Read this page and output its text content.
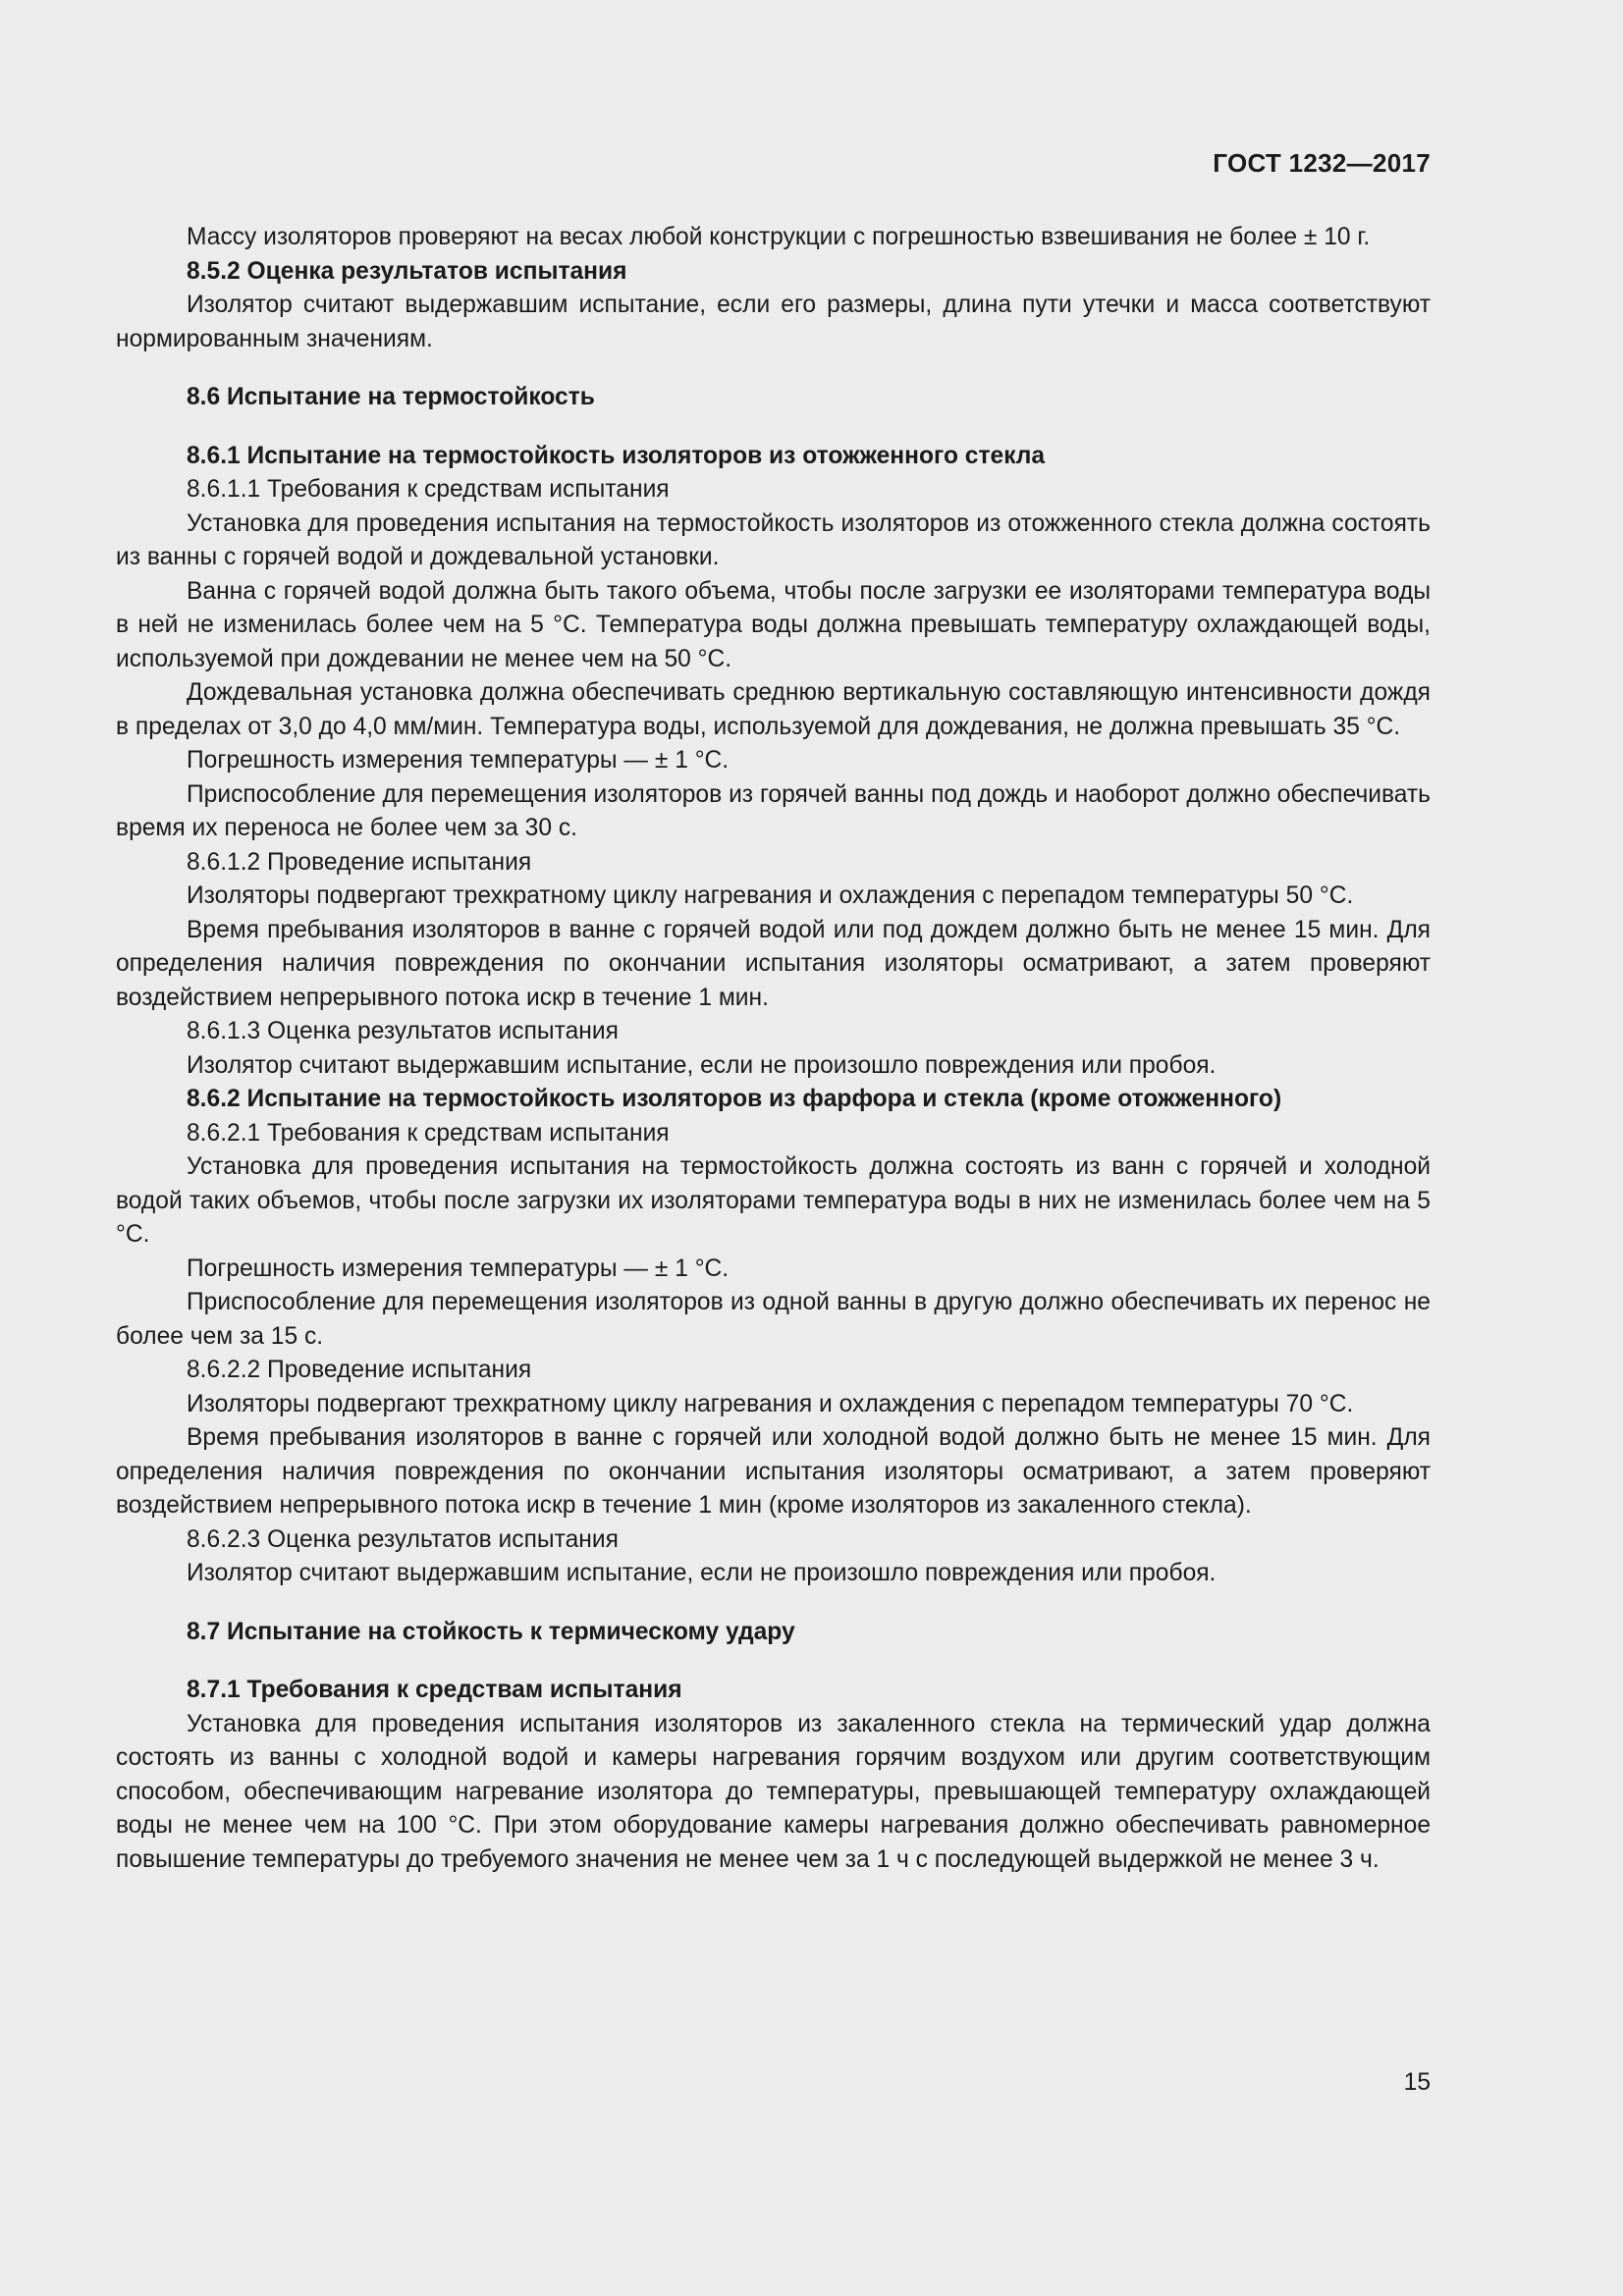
ГОСТ 1232—2017

Массу изоляторов проверяют на весах любой конструкции с погрешностью взвешивания не более ± 10 г.

8.5.2 Оценка результатов испытания

Изолятор считают выдержавшим испытание, если его размеры, длина пути утечки и масса соответствуют нормированным значениям.

8.6 Испытание на термостойкость

8.6.1 Испытание на термостойкость изоляторов из отожженного стекла

8.6.1.1 Требования к средствам испытания

Установка для проведения испытания на термостойкость изоляторов из отожженного стекла должна состоять из ванны с горячей водой и дождевальной установки.

Ванна с горячей водой должна быть такого объема, чтобы после загрузки ее изоляторами температура воды в ней не изменилась более чем на 5 °С. Температура воды должна превышать температуру охлаждающей воды, используемой при дождевании не менее чем на 50 °С.

Дождевальная установка должна обеспечивать среднюю вертикальную составляющую интенсивности дождя в пределах от 3,0 до 4,0 мм/мин. Температура воды, используемой для дождевания, не должна превышать 35 °С.

Погрешность измерения температуры — ± 1 °С.

Приспособление для перемещения изоляторов из горячей ванны под дождь и наоборот должно обеспечивать время их переноса не более чем за 30 с.

8.6.1.2 Проведение испытания

Изоляторы подвергают трехкратному циклу нагревания и охлаждения с перепадом температуры 50 °С.

Время пребывания изоляторов в ванне с горячей водой или под дождем должно быть не менее 15 мин. Для определения наличия повреждения по окончании испытания изоляторы осматривают, а затем проверяют воздействием непрерывного потока искр в течение 1 мин.

8.6.1.3 Оценка результатов испытания

Изолятор считают выдержавшим испытание, если не произошло повреждения или пробоя.

8.6.2 Испытание на термостойкость изоляторов из фарфора и стекла (кроме отожженного)

8.6.2.1 Требования к средствам испытания

Установка для проведения испытания на термостойкость должна состоять из ванн с горячей и холодной водой таких объемов, чтобы после загрузки их изоляторами температура воды в них не изменилась более чем на 5 °С.

Погрешность измерения температуры — ± 1 °С.

Приспособление для перемещения изоляторов из одной ванны в другую должно обеспечивать их перенос не более чем за 15 с.

8.6.2.2 Проведение испытания

Изоляторы подвергают трехкратному циклу нагревания и охлаждения с перепадом температуры 70 °С.

Время пребывания изоляторов в ванне с горячей или холодной водой должно быть не менее 15 мин. Для определения наличия повреждения по окончании испытания изоляторы осматривают, а затем проверяют воздействием непрерывного потока искр в течение 1 мин (кроме изоляторов из закаленного стекла).

8.6.2.3 Оценка результатов испытания

Изолятор считают выдержавшим испытание, если не произошло повреждения или пробоя.

8.7 Испытание на стойкость к термическому удару

8.7.1 Требования к средствам испытания

Установка для проведения испытания изоляторов из закаленного стекла на термический удар должна состоять из ванны с холодной водой и камеры нагревания горячим воздухом или другим соответствующим способом, обеспечивающим нагревание изолятора до температуры, превышающей температуру охлаждающей воды не менее чем на 100 °С. При этом оборудование камеры нагревания должно обеспечивать равномерное повышение температуры до требуемого значения не менее чем за 1 ч с последующей выдержкой не менее 3 ч.

15
